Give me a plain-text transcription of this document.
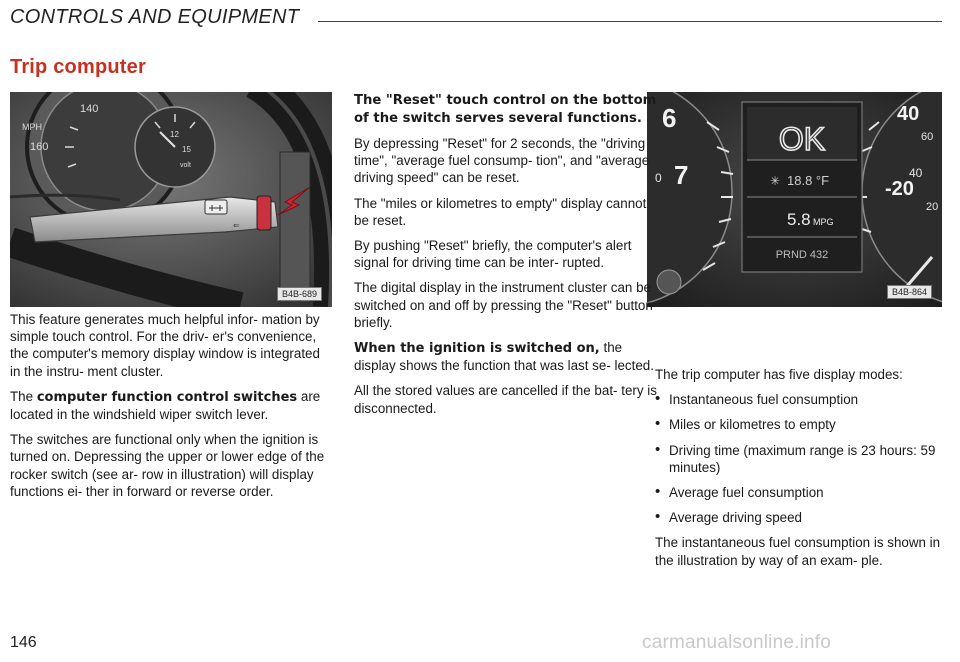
CONTROLS AND EQUIPMENT
Trip computer
140
MPH
160
12
15
volt
⇐
B4B-689
6
0 7
40
60
40
-20
20
OK
✳ 18.8 °F
5.8 MPG
PRND 432
B4B-864

This feature generates much helpful infor- mation by simple touch control. For the driv- er's convenience, the computer's memory display window is integrated in the instru- ment cluster.

The computer function control switches are located in the windshield wiper switch lever.

The switches are functional only when the ignition is turned on. Depressing the upper or lower edge of the rocker switch (see ar- row in illustration) will display functions ei- ther in forward or reverse order.

The "Reset" touch control on the bottom of the switch serves several functions.

By depressing "Reset" for 2 seconds, the "driving time", "average fuel consump- tion", and "average driving speed" can be reset.

The "miles or kilometres to empty" display cannot be reset.

By pushing "Reset" briefly, the computer's alert signal for driving time can be inter- rupted.

The digital display in the instrument cluster can be switched on and off by pressing the "Reset" button briefly.

When the ignition is switched on, the display shows the function that was last se- lected.

All the stored values are cancelled if the bat- tery is disconnected.

The trip computer has five display modes:

• Instantaneous fuel consumption
• Miles or kilometres to empty
• Driving time (maximum range is 23 hours: 59 minutes)
• Average fuel consumption
• Average driving speed

The instantaneous fuel consumption is shown in the illustration by way of an exam- ple.

146	carmanualsonline.info
